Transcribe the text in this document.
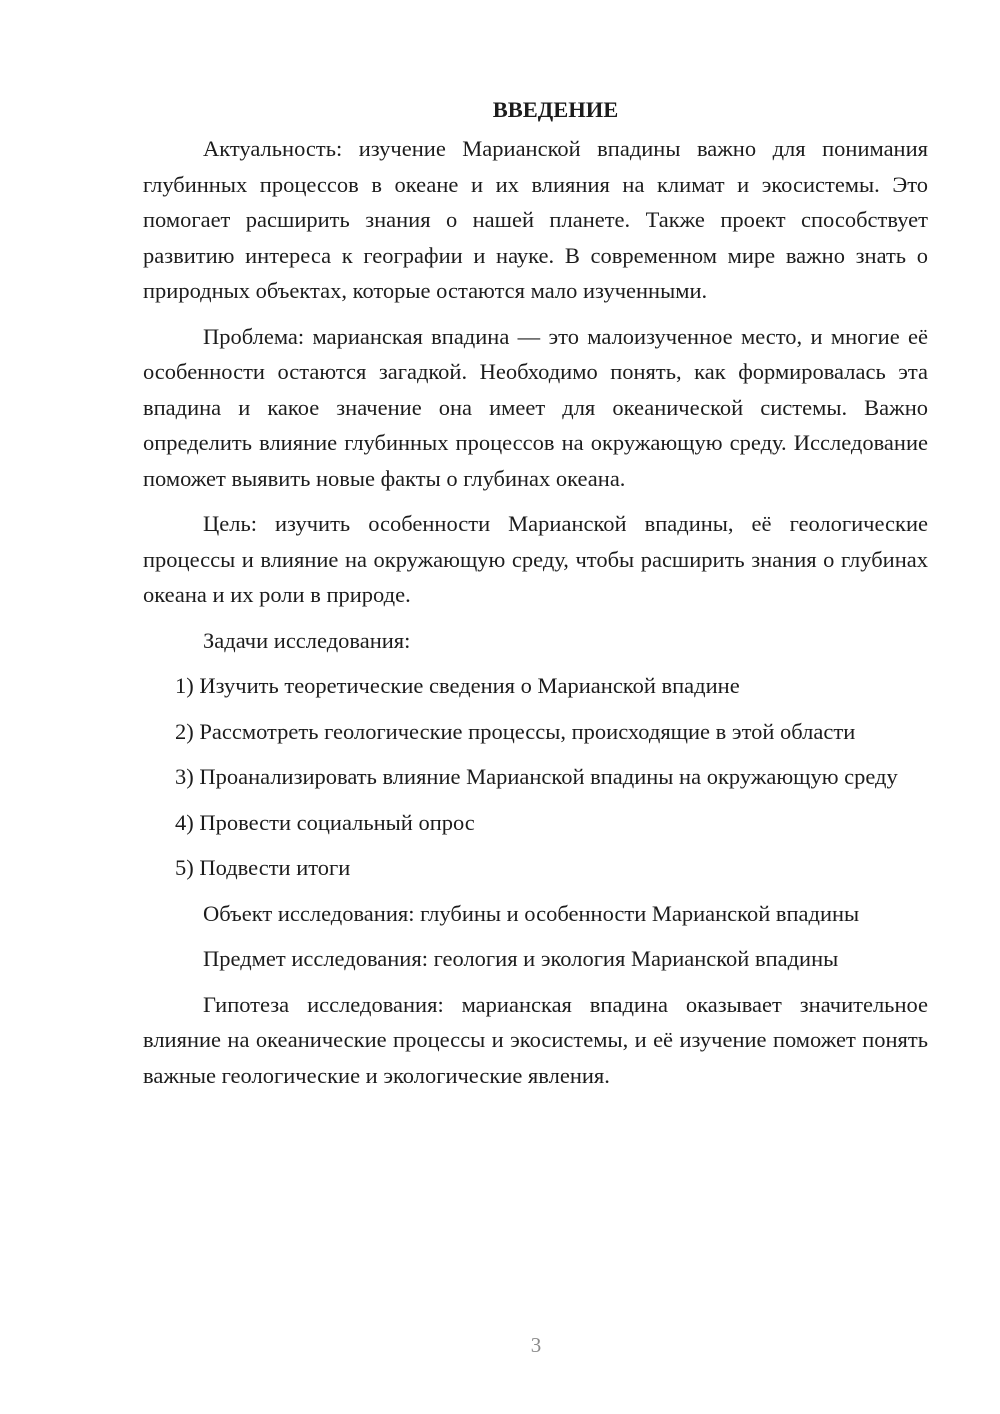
ВВЕДЕНИЕ

Актуальность: изучение Марианской впадины важно для понимания глубинных процессов в океане и их влияния на климат и экосистемы. Это помогает расширить знания о нашей планете. Также проект способствует развитию интереса к географии и науке. В современном мире важно знать о природных объектах, которые остаются мало изученными.

Проблема: марианская впадина — это малоизученное место, и многие её особенности остаются загадкой. Необходимо понять, как формировалась эта впадина и какое значение она имеет для океанической системы. Важно определить влияние глубинных процессов на окружающую среду. Исследование поможет выявить новые факты о глубинах океана.

Цель: изучить особенности Марианской впадины, её геологические процессы и влияние на окружающую среду, чтобы расширить знания о глубинах океана и их роли в природе.

Задачи исследования:

1) Изучить теоретические сведения о Марианской впадине

2) Рассмотреть геологические процессы, происходящие в этой области

3) Проанализировать влияние Марианской впадины на окружающую среду

4) Провести социальный опрос

5) Подвести итоги

Объект исследования: глубины и особенности Марианской впадины

Предмет исследования: геология и экология Марианской впадины

Гипотеза исследования: марианская впадина оказывает значительное влияние на океанические процессы и экосистемы, и её изучение поможет понять важные геологические и экологические явления.

3
